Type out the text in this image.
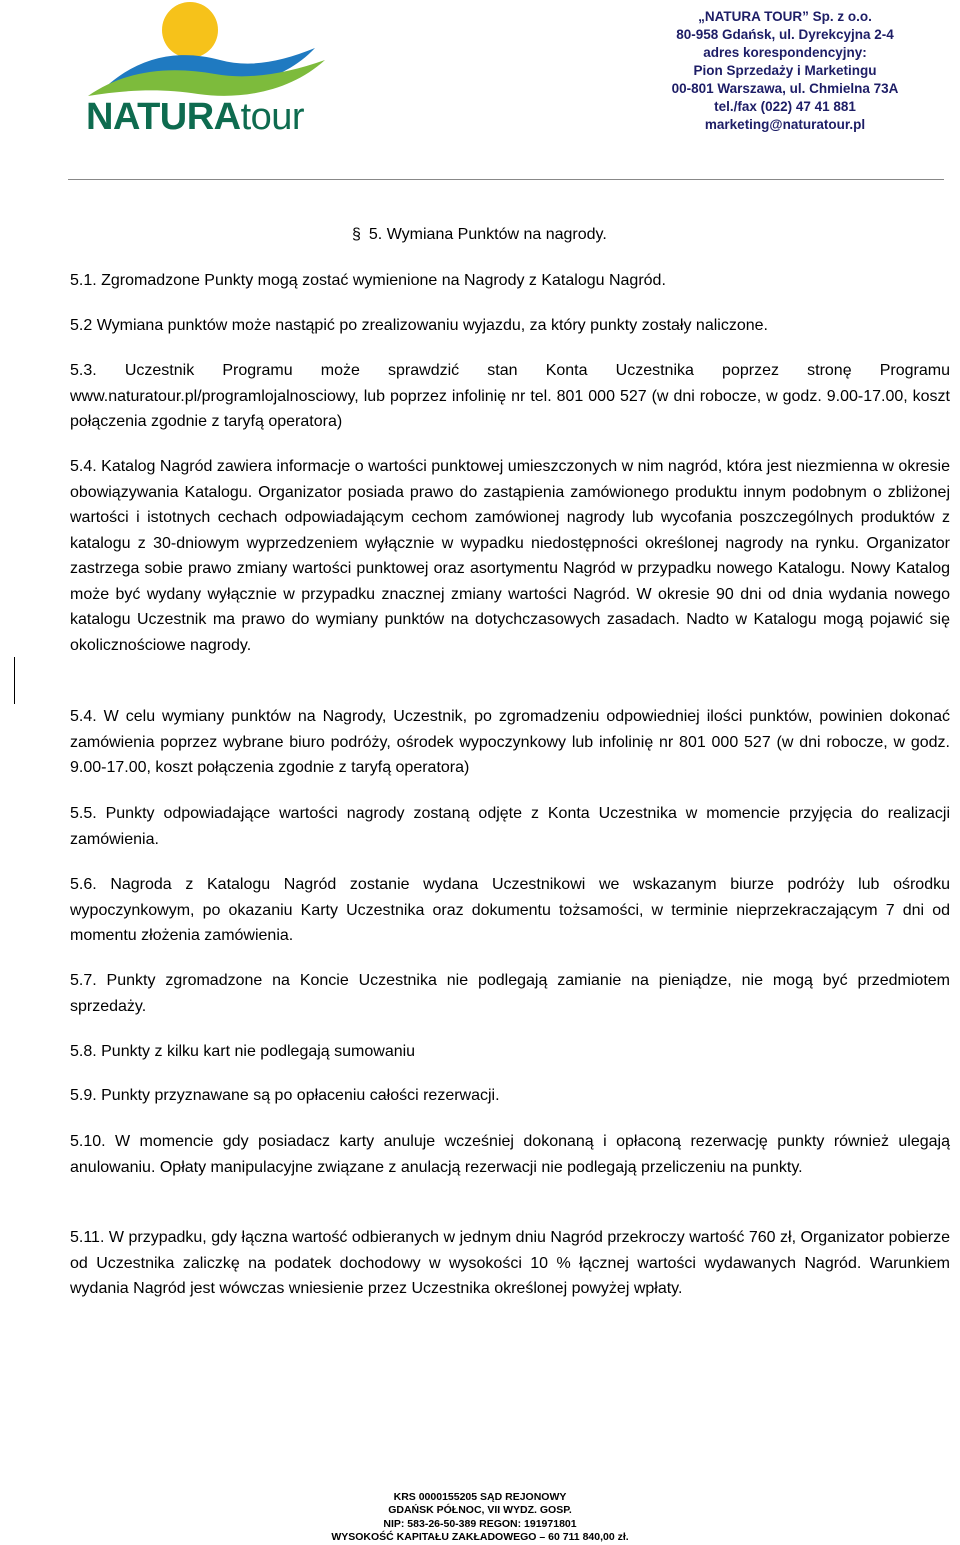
NATURAtour
„NATURA TOUR” Sp. z o.o.
80-958 Gdańsk, ul. Dyrekcyjna 2-4
adres korespondencyjny:
Pion Sprzedaży i Marketingu
00-801 Warszawa, ul. Chmielna 73A
tel./fax (022) 47 41 881
marketing@naturatour.pl
§ 5. Wymiana Punktów na nagrody.
5.1. Zgromadzone Punkty mogą zostać wymienione na Nagrody z Katalogu Nagród.
5.2 Wymiana punktów może nastąpić po zrealizowaniu wyjazdu, za który punkty zostały naliczone.
5.3. Uczestnik Programu może sprawdzić stan Konta Uczestnika poprzez stronę Programu www.naturatour.pl/programlojalnosciowy, lub poprzez infolinię nr tel. 801 000 527 (w dni robocze, w godz. 9.00-17.00, koszt połączenia zgodnie z taryfą operatora)
5.4. Katalog Nagród zawiera informacje o wartości punktowej umieszczonych w nim nagród, która jest niezmienna w okresie obowiązywania Katalogu. Organizator posiada prawo do zastąpienia zamówionego produktu innym podobnym o zbliżonej wartości i istotnych cechach odpowiadającym cechom zamówionej nagrody lub wycofania poszczególnych produktów z katalogu z 30-dniowym wyprzedzeniem wyłącznie w wypadku niedostępności określonej nagrody na rynku. Organizator zastrzega sobie prawo zmiany wartości punktowej oraz asortymentu Nagród w przypadku nowego Katalogu. Nowy Katalog może być wydany wyłącznie w przypadku znacznej zmiany wartości Nagród. W okresie 90 dni od dnia wydania nowego katalogu Uczestnik ma prawo do wymiany punktów na dotychczasowych zasadach. Nadto w Katalogu mogą pojawić się okolicznościowe nagrody.
5.4. W celu wymiany punktów na Nagrody, Uczestnik, po zgromadzeniu odpowiedniej ilości punktów, powinien dokonać zamówienia poprzez wybrane biuro podróży, ośrodek wypoczynkowy lub infolinię nr 801 000 527 (w dni robocze, w godz. 9.00-17.00, koszt połączenia zgodnie z taryfą operatora)
5.5. Punkty odpowiadające wartości nagrody zostaną odjęte z Konta Uczestnika w momencie przyjęcia do realizacji zamówienia.
5.6. Nagroda z Katalogu Nagród zostanie wydana Uczestnikowi we wskazanym biurze podróży lub ośrodku wypoczynkowym, po okazaniu Karty Uczestnika oraz dokumentu tożsamości, w terminie nieprzekraczającym 7 dni od momentu złożenia zamówienia.
5.7. Punkty zgromadzone na Koncie Uczestnika nie podlegają zamianie na pieniądze, nie mogą być przedmiotem sprzedaży.
5.8. Punkty z kilku kart nie podlegają sumowaniu
5.9. Punkty przyznawane są po opłaceniu całości rezerwacji.
5.10. W momencie gdy posiadacz karty anuluje wcześniej dokonaną i opłaconą rezerwację punkty również ulegają anulowaniu. Opłaty manipulacyjne związane z anulacją rezerwacji nie podlegają przeliczeniu na punkty.
5.11. W przypadku, gdy łączna wartość odbieranych w jednym dniu Nagród przekroczy wartość 760 zł, Organizator pobierze od Uczestnika zaliczkę na podatek dochodowy w wysokości 10 % łącznej wartości wydawanych Nagród. Warunkiem wydania Nagród jest wówczas wniesienie przez Uczestnika określonej powyżej wpłaty.
KRS 0000155205 SĄD REJONOWY
GDAŃSK PÓŁNOC, VII WYDZ. GOSP.
NIP: 583-26-50-389 REGON: 191971801
WYSOKOŚĆ KAPITAŁU ZAKŁADOWEGO – 60 711 840,00 zł.
